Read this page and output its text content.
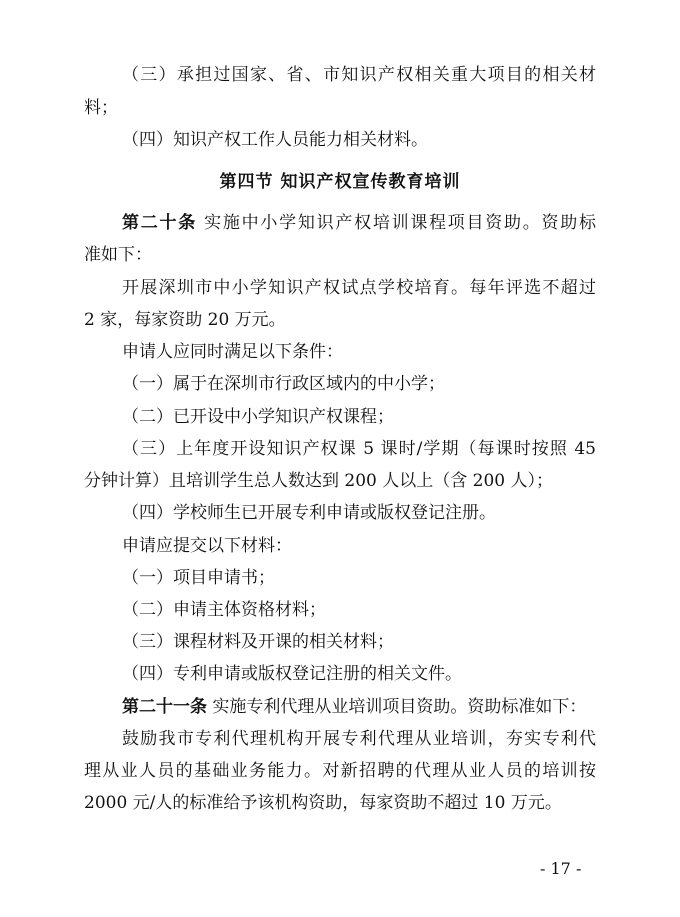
（三）承担过国家、省、市知识产权相关重大项目的相关材
料；
（四）知识产权工作人员能力相关材料。
第四节 知识产权宣传教育培训
第二十条 实施中小学知识产权培训课程项目资助。资助标
准如下：
开展深圳市中小学知识产权试点学校培育。每年评选不超过
2 家，每家资助 20 万元。
申请人应同时满足以下条件：
（一）属于在深圳市行政区域内的中小学；
（二）已开设中小学知识产权课程；
（三）上年度开设知识产权课 5 课时/学期（每课时按照 45
分钟计算）且培训学生总人数达到 200 人以上（含 200 人）；
（四）学校师生已开展专利申请或版权登记注册。
申请应提交以下材料：
（一）项目申请书；
（二）申请主体资格材料；
（三）课程材料及开课的相关材料；
（四）专利申请或版权登记注册的相关文件。
第二十一条 实施专利代理从业培训项目资助。资助标准如下：
鼓励我市专利代理机构开展专利代理从业培训，夯实专利代
理从业人员的基础业务能力。对新招聘的代理从业人员的培训按
2000 元/人的标准给予该机构资助，每家资助不超过 10 万元。
- 17 -
